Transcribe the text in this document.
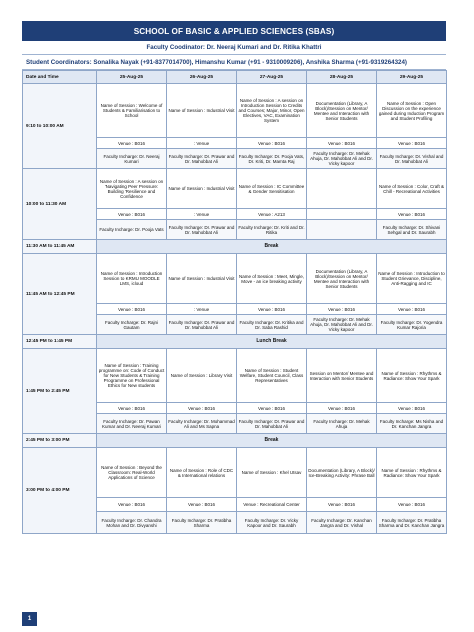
SCHOOL OF BASIC & APPLIED SCIENCES (SBAS)
Faculty Coodinator: Dr. Neeraj Kumari and Dr. Ritika Khattri
Student Coordinators: Sonalika Nayak (+91-8377014700), Himanshu Kumar (+91 - 9310009206), Anshika Sharma (+91-9319264324)
Date and Time	25-Aug-25	26-Aug-25	27-Aug-25	28-Aug-25	29-Aug-25
9:10 to 10:00 AM	Name of Session : Welcome of Students & Familiarisation to School	Name of Session : Industrial Visit	Name of Session : A session on Introduction Session to Credits and Courses; Major, Minor, Open Electives, VAC, Examination System	Documentation (Library, A Block)/Session on Mentor/ Mentee and Interaction with Senior Students	Name of Session : Open Discussion on the experience gained during Induction Program and Student Profiling
	Venue : B016	: Venue	Venue : B016	Venue : B016	Venue : B016
	Faculty Incharge: Dr. Neeraj Kumari	Faculty Incharge: Dr. Prawar and Dr. Mahobbat Ali	Faculty Incharge: Dr. Pooja Vats, Dr. Kriti, Dr. Mamta Raj	Faculty Incharge: Dr. Mehak Ahuja, Dr. Mahobbat Ali and Dr. Vicky kapoor	Faculty Incharge: Dr. Vishal and Dr. Mahobbat Ali
10:00 to 11:30 AM	Name of Session : A session on 'Navigating Peer Pressure: Building 'Resilience and Confidence	Name of Session : Industrial Visit	Name of Session : IC Committee & Gender Sensitisation		Name of Session : Color, Craft & Chill - Recreational Activities
	Venue : B016	: Venue	Venue : A213		Venue : B016
	Faculty Incharge: Dr. Pooja Vats	Faculty Incharge: Dr. Prawar and Dr. Mahobbat Ali	Faculty Incharge: Dr. Kriti and Dr. Ritika		Faculty Incharge: Dr. Shivani Sehgal and Dr. Saurabh
11:30 AM to 11:45 AM	Break				
11:45 AM to 12:45 PM	Name of Session : Introduction Session to KRMU MOODLE LMS, icloud	Name of Session : Industrial Visit	Name of Session : Meet, Mingle, Move - an ice breaking activity	Documentation (Library, A Block)/Session on Mentor/ Mentee and Interaction with Senior Students	Name of Session : Introduction to Student Grievance, Discipline, Anti-Ragging and IC
	Venue : B016	: Venue	Venue : B016	Venue : B016	Venue : B016
	Faculty Incharge: Dr. Rajni Gautam	Faculty Incharge: Dr. Prawar and Dr. Mahobbat Ali	Faculty Incharge: Dr. Kritika and Dr. Saba Rashid	Faculty Incharge: Dr. Mehak Ahuja, Dr. Mahobbat Ali and Dr. Vicky kapoor	Faculty Incharge: Dr. Yogendra Kumar Rajoria
12:45 PM to 1:45 PM	Lunch Break				
1:45 PM to 2:45 PM	Name of Session : Training programme on: Code of Conduct for New Students & Training Programme on Professional Ethics for New students	Name of Session : Library Visit	Name of Session : Student Welfare, Student Council, Class Representatives	Session on Mentor/ Mentee and Interaction with Senior Students	Name of Session : Rhythms & Radiance: Show Your Spark
	Venue : B016	Venue : B016	Venue : B016	Venue : B016	Venue : B016
	Faculty Incharge: Dr. Pawan Kumar and Dr. Neeraj Kumari	Faculty Incharge: Dr. Mohammad Ali and Ms Sapna	Faculty Incharge: Dr. Prawar and Dr. Mahobbat Ali	Faculty Incharge: Dr. Mehak Ahuja	Faculty Incharge: Ms Nisha and Dr. Kanchan Jangra
2:45 PM to 3:00 PM	Break				
3:00 PM to 4:00 PM	Name of Session : Beyond the Classroom: Real-World Applications of Science	Name of Session : Role of CDC & International relations	Name of Session : Khel Utsav	Documentation (Library, A Block)/ Ice-Breaking Activity: Phrase Ball	Name of Session : Rhythms & Radiance: Show Your Spark
	Venue : B016	Venue : B016	Venue : Recreational Center	Venue : B016	Venue : B016
	Faculty Incharge: Dr. Chandra Mohan and Dr. Divyanshi	Faculty Incharge: Dr. Pratibha Sharma	Faculty Incharge: Dr. Vicky Kapoor and Dr. Saurabh	Faculty Incharge: Dr. Kanchan Jangra and Dr. Vishal	Faculty Incharge: Dr. Pratibha Sharma and Dr. Kanchan Jangra
1
